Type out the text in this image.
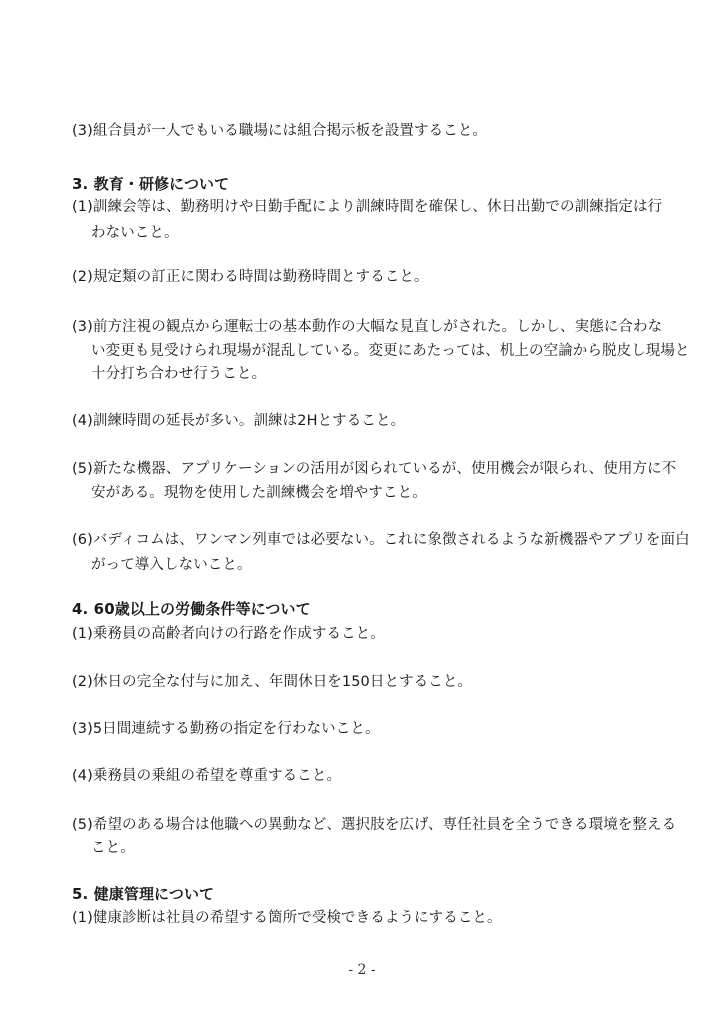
(3)組合員が一人でもいる職場には組合掲示板を設置すること。
3. 教育・研修について
(1)訓練会等は、勤務明けや日勤手配により訓練時間を確保し、休日出勤での訓練指定は行
わないこと。
(2)規定類の訂正に関わる時間は勤務時間とすること。
(3)前方注視の観点から運転士の基本動作の大幅な見直しがされた。しかし、実態に合わな
い変更も見受けられ現場が混乱している。変更にあたっては、机上の空論から脱皮し現場と
十分打ち合わせ行うこと。
(4)訓練時間の延長が多い。訓練は2Hとすること。
(5)新たな機器、アプリケーションの活用が図られているが、使用機会が限られ、使用方に不
安がある。現物を使用した訓練機会を増やすこと。
(6)バディコムは、ワンマン列車では必要ない。これに象徴されるような新機器やアプリを面白
がって導入しないこと。
4. 60歳以上の労働条件等について
(1)乗務員の高齢者向けの行路を作成すること。
(2)休日の完全な付与に加え、年間休日を150日とすること。
(3)5日間連続する勤務の指定を行わないこと。
(4)乗務員の乗組の希望を尊重すること。
(5)希望のある場合は他職への異動など、選択肢を広げ、専任社員を全うできる環境を整える
こと。
5. 健康管理について
(1)健康診断は社員の希望する箇所で受検できるようにすること。
- 2 -
